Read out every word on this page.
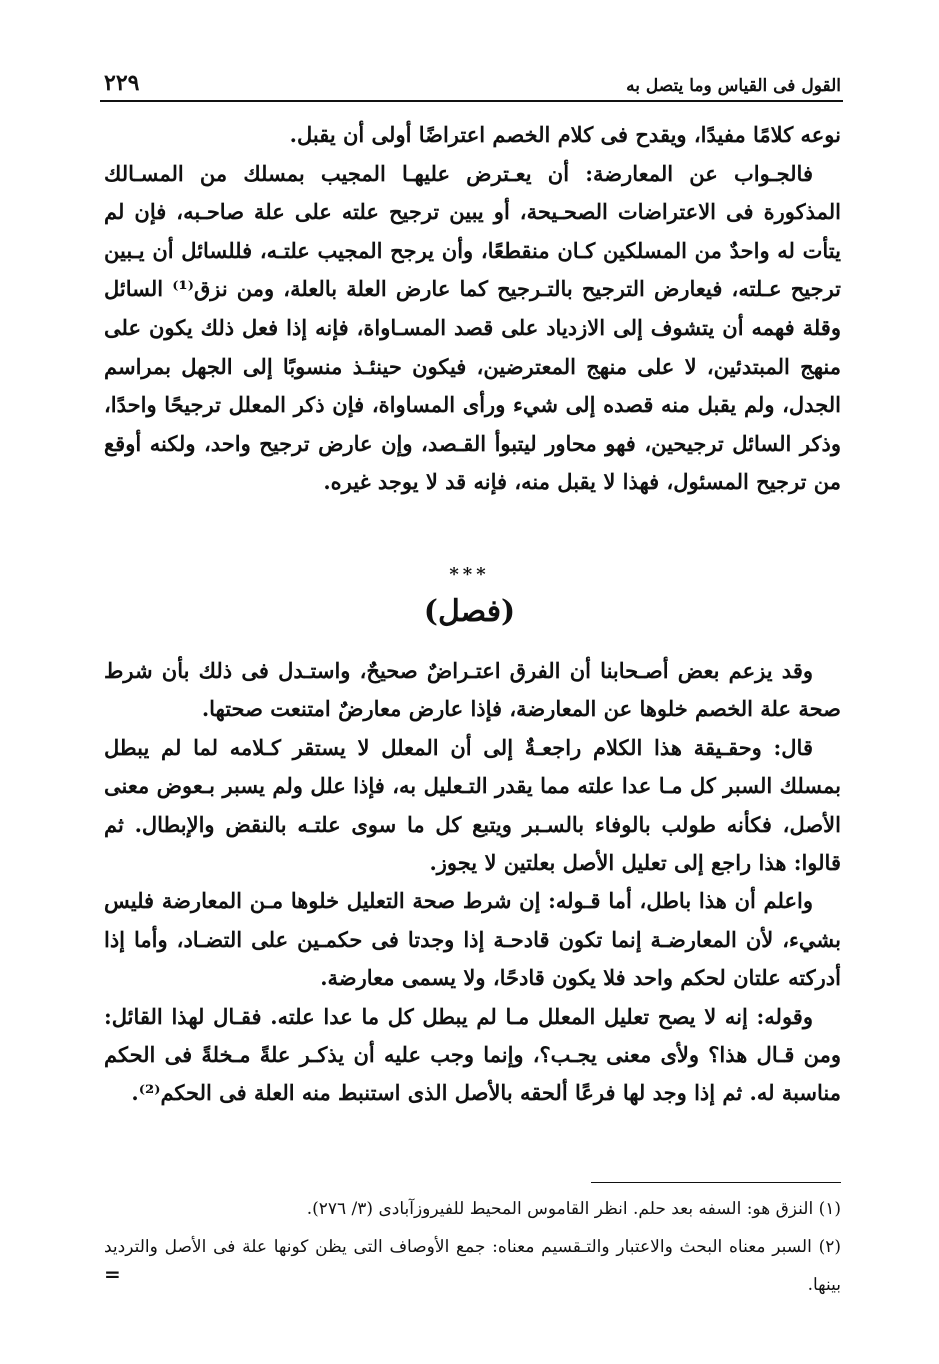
القول فى القياس وما يتصل به
٢٢٩

نوعه كلامًا مفيدًا، ويقدح فى كلام الخصم اعتراضًا أولى أن يقبل.

فالجـواب عن المعارضة: أن يعـترض عليهـا المجيب بمسلك من المسـالك المذكورة فى الاعتراضات الصحـيحة، أو يبين ترجيح علته على علة صاحـبه، فإن لم يتأت له واحدٌ من المسلكين كـان منقطعًا، وأن يرجح المجيب علتـه، فللسائل أن يـبين ترجيح عـلته، فيعارض الترجيح بالتـرجيح كما عارض العلة بالعلة، ومن نزق⁽¹⁾ السائل وقلة فهمه أن يتشوف إلى الازدياد على قصد المسـاواة، فإنه إذا فعل ذلك يكون على منهج المبتدئين، لا على منهج المعترضين، فيكون حينئـذ منسوبًا إلى الجهل بمراسم الجدل، ولم يقبل منه قصده إلى شيء ورأى المساواة، فإن ذكر المعلل ترجيحًا واحدًا، وذكر السائل ترجيحين، فهو محاور ليتبوأ القـصد، وإن عارض ترجيح واحد، ولكنه أوقع من ترجيح المسئول، فهذا لا يقبل منه، فإنه قد لا يوجد غيره.

***
(فصل)

وقد يزعم بعض أصـحابنا أن الفرق اعتـراضٌ صحيحٌ، واستـدل فى ذلك بأن شرط صحة علة الخصم خلوها عن المعارضة، فإذا عارض معارضٌ امتنعت صحتها.

قال: وحقـيقة هذا الكلام راجعـةٌ إلى أن المعلل لا يستقر كـلامه لما لم يبطل بمسلك السبر كل مـا عدا علته مما يقدر التـعليل به، فإذا علل ولم يسبر بـعوض معنى الأصل، فكأنه طولب بالوفاء بالسـبر ويتبع كل ما سوى علتـه بالنقض والإبطال. ثم قالوا: هذا راجع إلى تعليل الأصل بعلتين لا يجوز.

واعلم أن هذا باطل، أما قـوله: إن شرط صحة التعليل خلوها مـن المعارضة فليس بشيء، لأن المعارضـة إنما تكون قادحـة إذا وجدتا فى حكمـين على التضـاد، وأما إذا أدركته علتان لحكم واحد فلا يكون قادحًا، ولا يسمى معارضة.

وقوله: إنه لا يصح تعليل المعلل مـا لم يبطل كل ما عدا علته. فقـال لهذا القائل: ومن قـال هذا؟ ولأى معنى يجـب؟، وإنما وجب عليه أن يذكـر علةً مـخلةً فى الحكم مناسبة له. ثم إذا وجد لها فرعًا ألحقه بالأصل الذى استنبط منه العلة فى الحكم⁽²⁾.

(١) النزق هو: السفه بعد حلم. انظر القاموس المحيط للفيروزآبادى (٣/ ٢٧٦).

(٢) السبر معناه البحث والاعتبار والتـقسيم معناه: جمع الأوصاف التى يظن كونها علة فى الأصل والترديد بينها.

=
